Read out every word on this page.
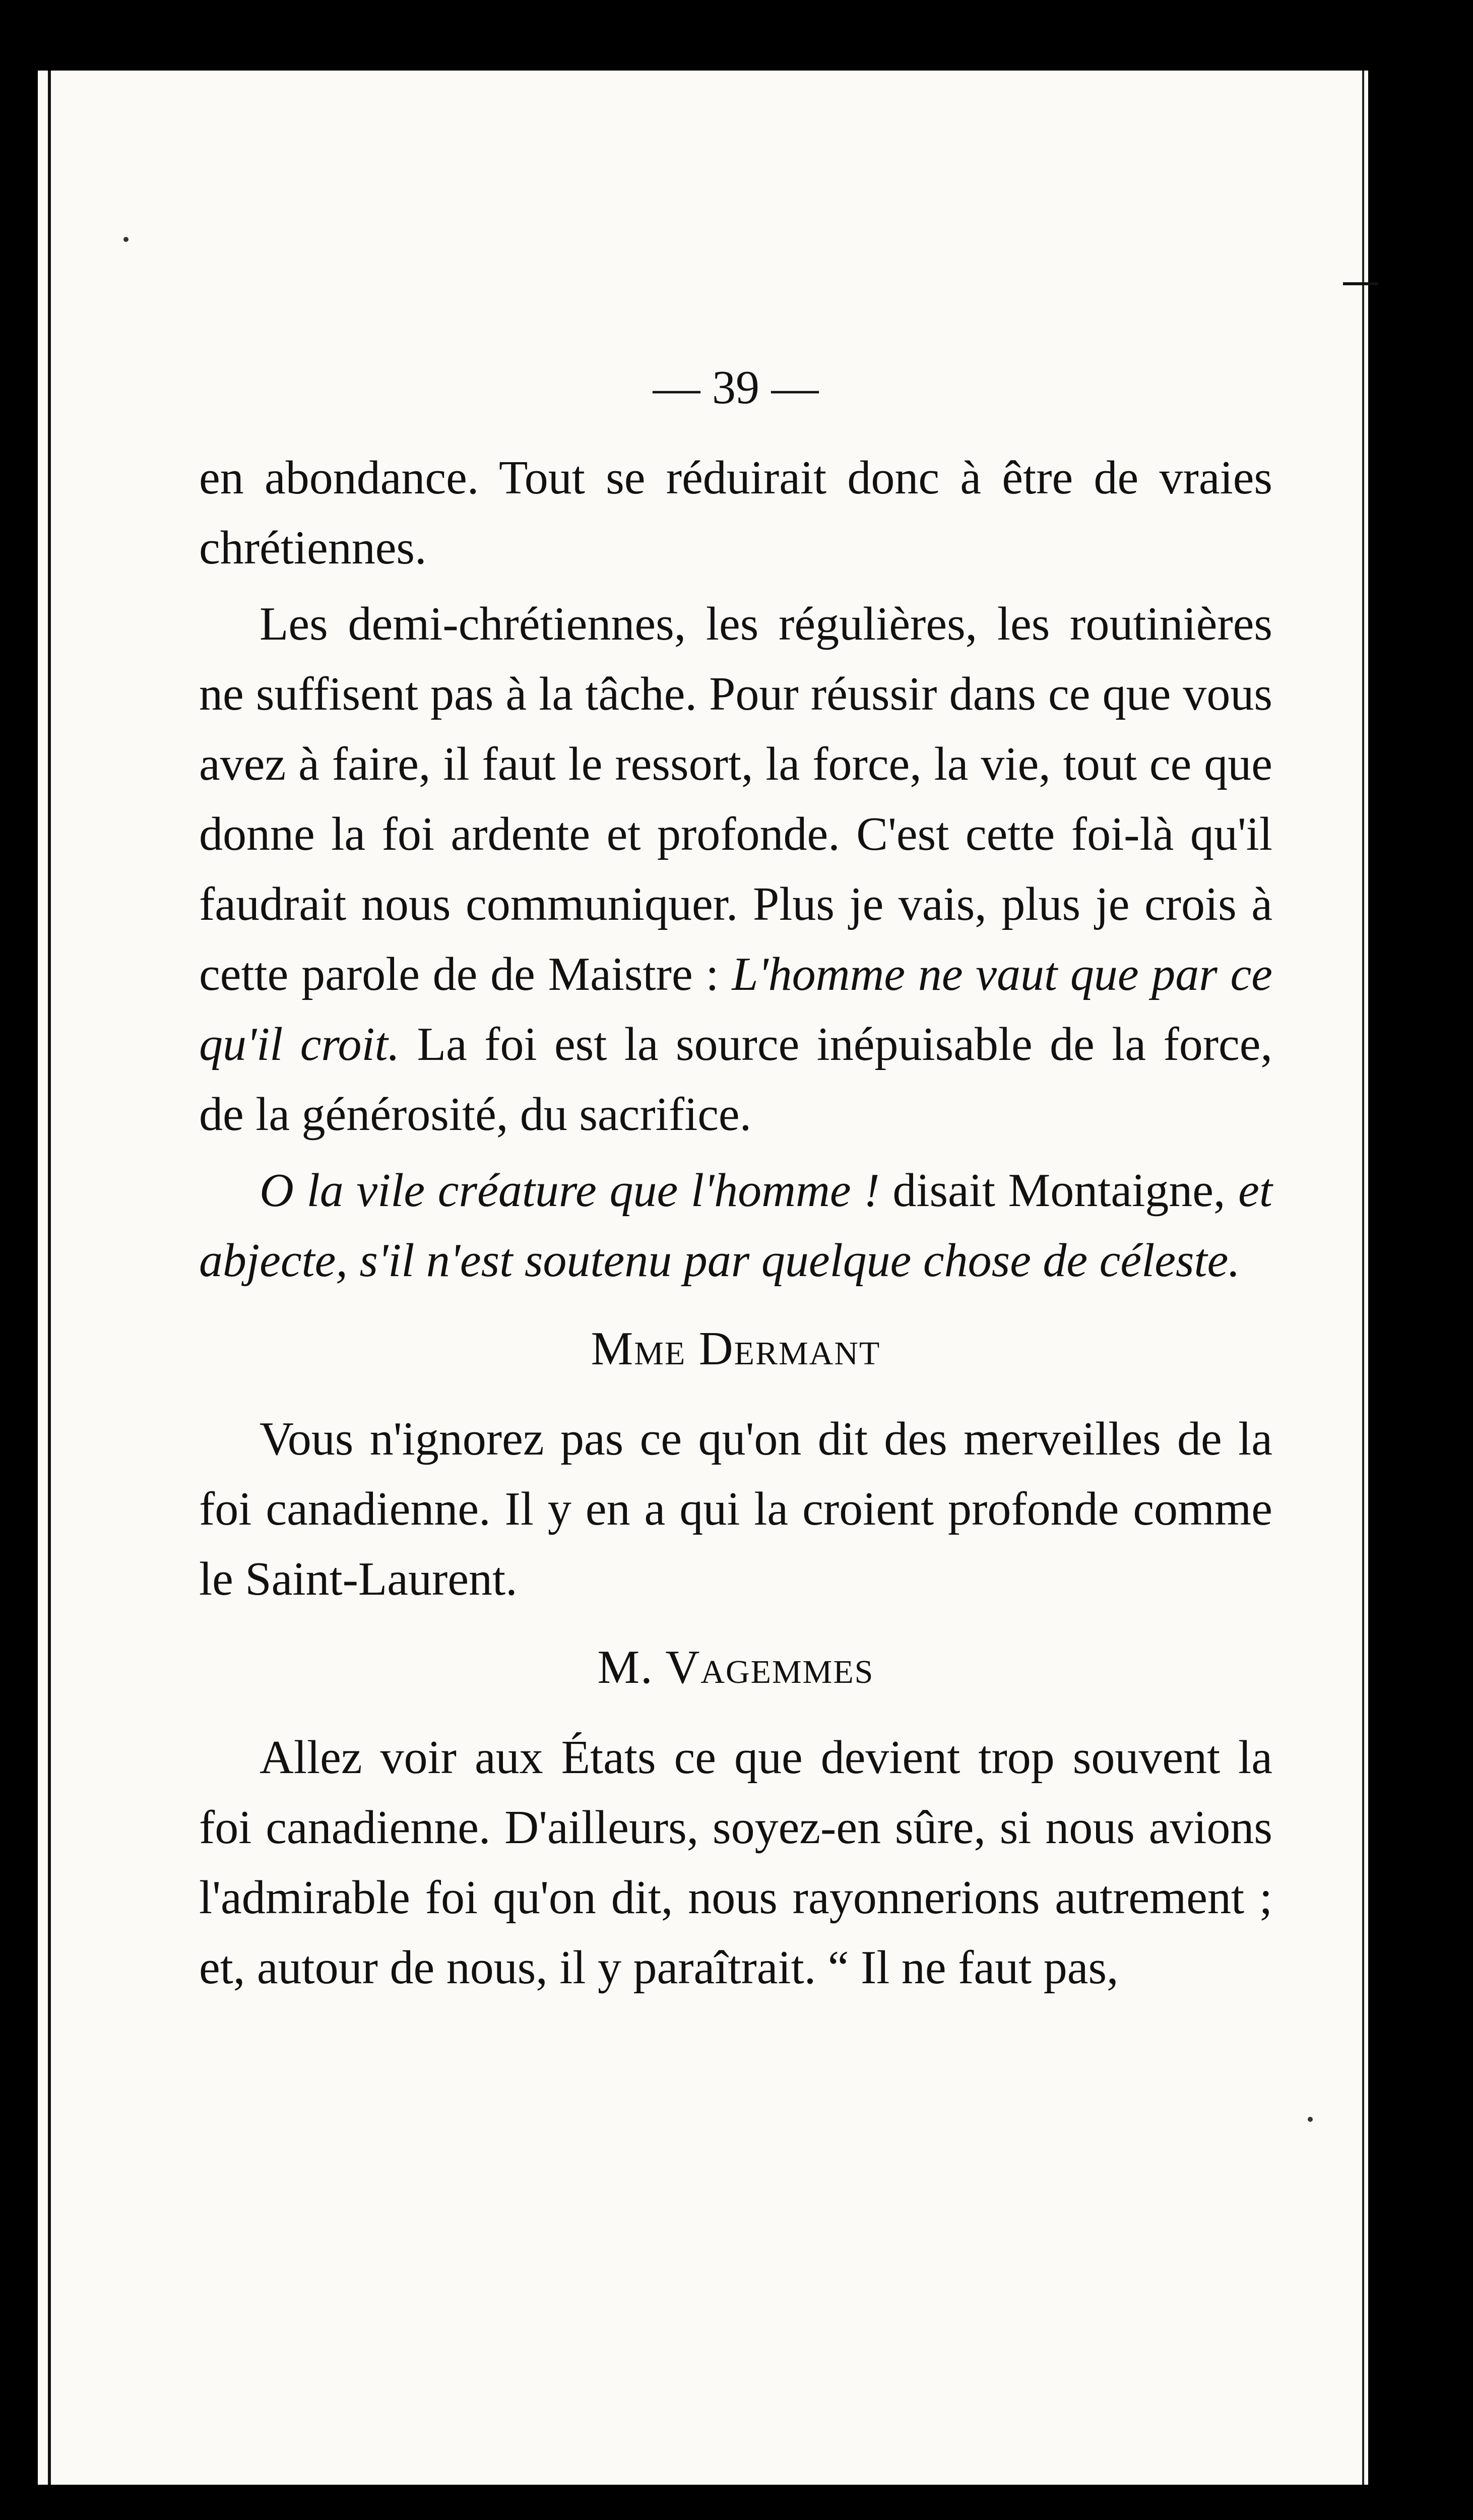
— 39 —

en abondance. Tout se réduirait donc à être de vraies chrétiennes.

Les demi-chrétiennes, les régulières, les routinières ne suffisent pas à la tâche. Pour réussir dans ce que vous avez à faire, il faut le ressort, la force, la vie, tout ce que donne la foi ardente et profonde. C'est cette foi-là qu'il faudrait nous communiquer. Plus je vais, plus je crois à cette parole de de Maistre : L'homme ne vaut que par ce qu'il croit. La foi est la source inépuisable de la force, de la générosité, du sacrifice.

O la vile créature que l'homme ! disait Montaigne, et abjecte, s'il n'est soutenu par quelque chose de céleste.

Mme Dermant

Vous n'ignorez pas ce qu'on dit des merveilles de la foi canadienne. Il y en a qui la croient profonde comme le Saint-Laurent.

M. Vagemmes

Allez voir aux États ce que devient trop souvent la foi canadienne. D'ailleurs, soyez-en sûre, si nous avions l'admirable foi qu'on dit, nous rayonnerions autrement ; et, autour de nous, il y paraîtrait. “ Il ne faut pas,
